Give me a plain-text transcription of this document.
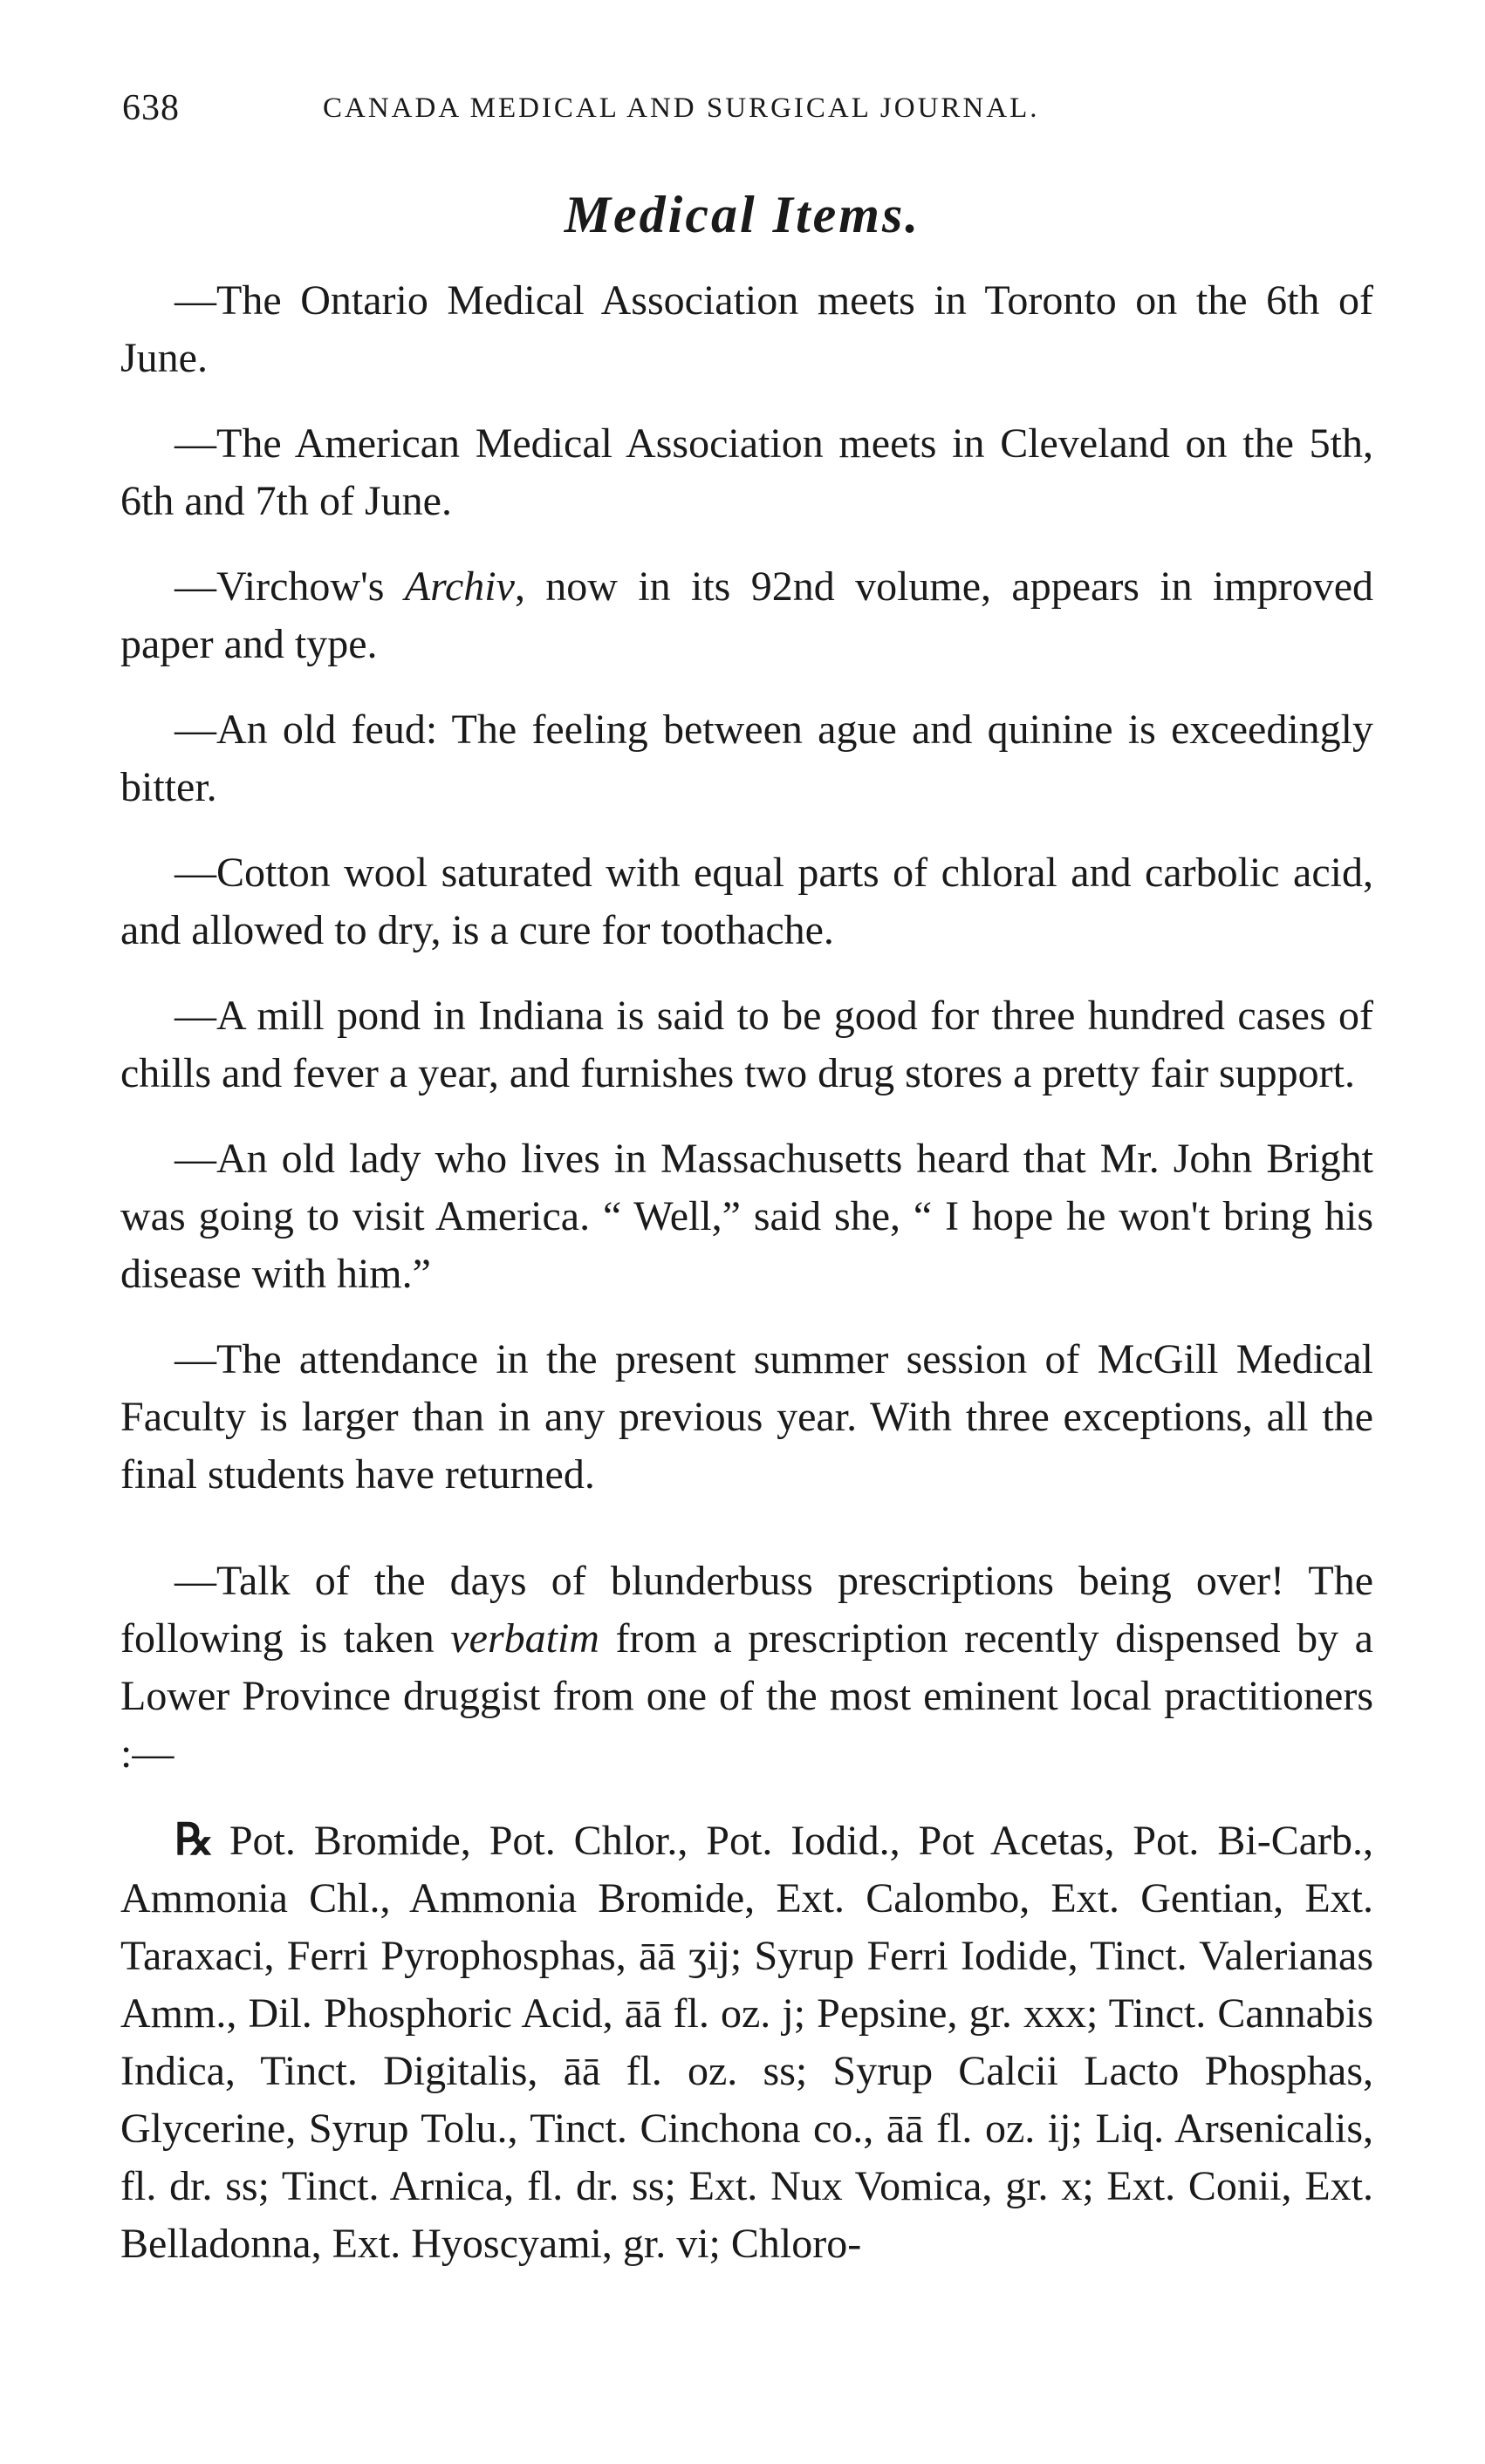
638	CANADA MEDICAL AND SURGICAL JOURNAL.
Medical Items.

—The Ontario Medical Association meets in Toronto on the 6th of June.

—The American Medical Association meets in Cleveland on the 5th, 6th and 7th of June.

—Virchow's Archiv, now in its 92nd volume, appears in improved paper and type.

—An old feud: The feeling between ague and quinine is exceedingly bitter.

—Cotton wool saturated with equal parts of chloral and carbolic acid, and allowed to dry, is a cure for toothache.

—A mill pond in Indiana is said to be good for three hundred cases of chills and fever a year, and furnishes two drug stores a pretty fair support.

—An old lady who lives in Massachusetts heard that Mr. John Bright was going to visit America. “ Well,” said she, “ I hope he won't bring his disease with him.”

—The attendance in the present summer session of McGill Medical Faculty is larger than in any previous year. With three exceptions, all the final students have returned.

—Talk of the days of blunderbuss prescriptions being over! The following is taken verbatim from a prescription recently dispensed by a Lower Province druggist from one of the most eminent local practitioners :—

℞ Pot. Bromide, Pot. Chlor., Pot. Iodid., Pot Acetas, Pot. Bi-Carb., Ammonia Chl., Ammonia Bromide, Ext. Calombo, Ext. Gentian, Ext. Taraxaci, Ferri Pyrophosphas, āā ʒij; Syrup Ferri Iodide, Tinct. Valerianas Amm., Dil. Phosphoric Acid, āā fl. oz. j; Pepsine, gr. xxx; Tinct. Cannabis Indica, Tinct. Digitalis, āā fl. oz. ss; Syrup Calcii Lacto Phosphas, Glycerine, Syrup Tolu., Tinct. Cinchona co., āā fl. oz. ij; Liq. Arsenicalis, fl. dr. ss; Tinct. Arnica, fl. dr. ss; Ext. Nux Vomica, gr. x; Ext. Conii, Ext. Belladonna, Ext. Hyoscyami, gr. vi; Chloro-
